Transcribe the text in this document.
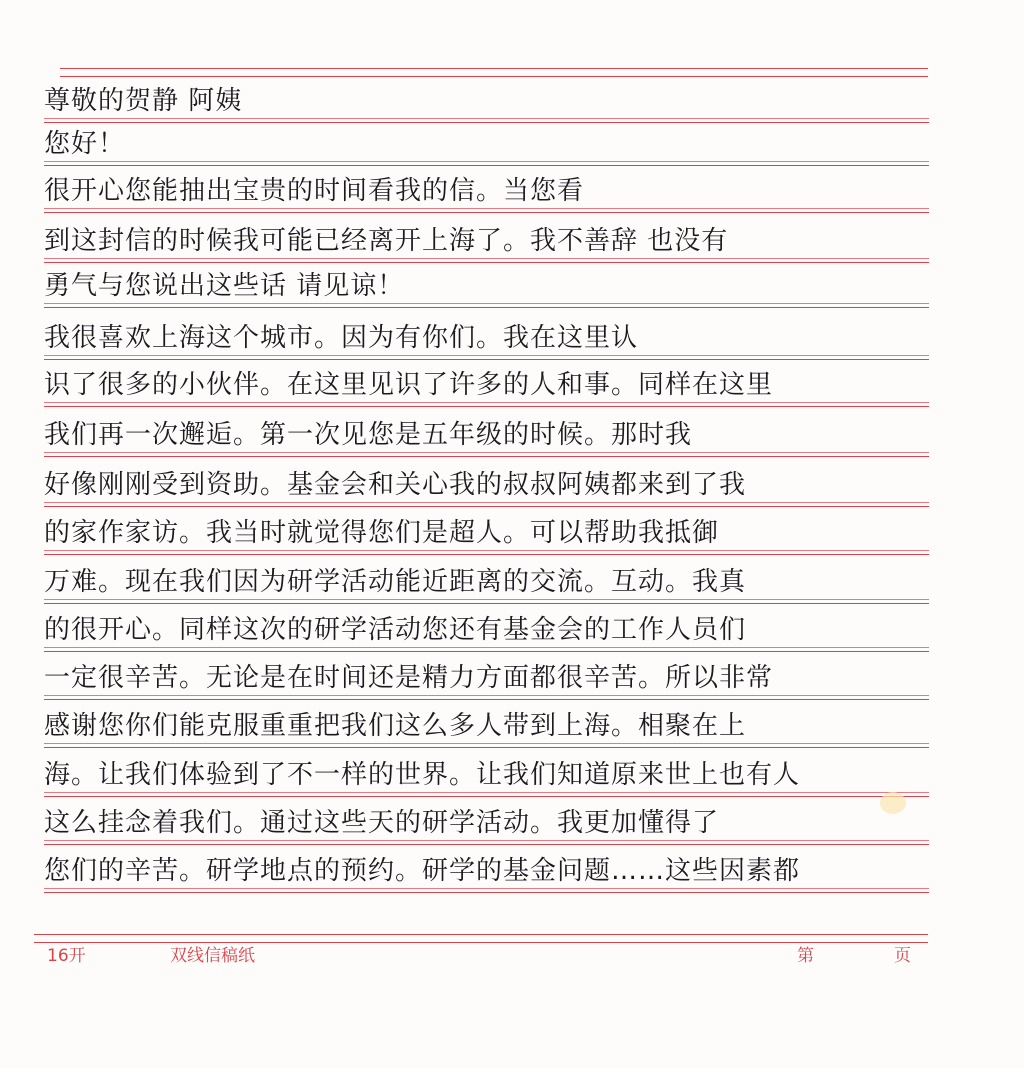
尊敬的贺静 阿姨
您好！
很开心您能抽出宝贵的时间看我的信。当您看
到这封信的时候我可能已经离开上海了。我不善辞 也没有
勇气与您说出这些话 请见谅！
我很喜欢上海这个城市。因为有你们。我在这里认
识了很多的小伙伴。在这里见识了许多的人和事。同样在这里
我们再一次邂逅。第一次见您是五年级的时候。那时我
好像刚刚受到资助。基金会和关心我的叔叔阿姨都来到了我
的家作家访。我当时就觉得您们是超人。可以帮助我抵御
万难。现在我们因为研学活动能近距离的交流。互动。我真
的很开心。同样这次的研学活动您还有基金会的工作人员们
一定很辛苦。无论是在时间还是精力方面都很辛苦。所以非常
感谢您你们能克服重重把我们这么多人带到上海。相聚在上
海。让我们体验到了不一样的世界。让我们知道原来世上也有人
这么挂念着我们。通过这些天的研学活动。我更加懂得了
您们的辛苦。研学地点的预约。研学的基金问题……这些因素都
16开	双线信稿纸	第	页
